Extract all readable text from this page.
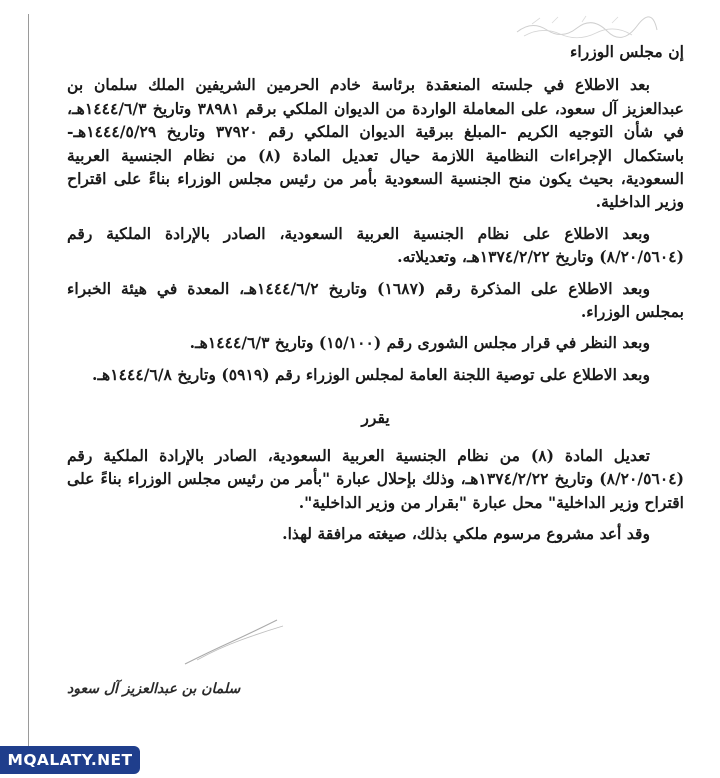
إن مجلس الوزراء

بعد الاطلاع في جلسته المنعقدة برئاسة خادم الحرمين الشريفين الملك سلمان بن عبدالعزيز آل سعود، على المعاملة الواردة من الديوان الملكي برقم ٣٨٩٨١ وتاريخ ١٤٤٤/٦/٣هـ، في شأن التوجيه الكريم -المبلغ ببرقية الديوان الملكي رقم ٣٧٩٢٠ وتاريخ ١٤٤٤/٥/٢٩هـ- باستكمال الإجراءات النظامية اللازمة حيال تعديل المادة (٨) من نظام الجنسية العربية السعودية، بحيث يكون منح الجنسية السعودية بأمر من رئيس مجلس الوزراء بناءً على اقتراح وزير الداخلية.

وبعد الاطلاع على نظام الجنسية العربية السعودية، الصادر بالإرادة الملكية رقم (٨/٢٠/٥٦٠٤) وتاريخ ١٣٧٤/٢/٢٢هـ، وتعديلاته.

وبعد الاطلاع على المذكرة رقم (١٦٨٧) وتاريخ ١٤٤٤/٦/٢هـ، المعدة في هيئة الخبراء بمجلس الوزراء.

وبعد النظر في قرار مجلس الشورى رقم (١٥/١٠٠) وتاريخ ١٤٤٤/٦/٣هـ.

وبعد الاطلاع على توصية اللجنة العامة لمجلس الوزراء رقم (٥٩١٩) وتاريخ ١٤٤٤/٦/٨هـ.

يقرر

تعديل المادة (٨) من نظام الجنسية العربية السعودية، الصادر بالإرادة الملكية رقم (٨/٢٠/٥٦٠٤) وتاريخ ١٣٧٤/٢/٢٢هـ، وذلك بإحلال عبارة "بأمر من رئيس مجلس الوزراء بناءً على اقتراح وزير الداخلية" محل عبارة "بقرار من وزير الداخلية".

وقد أعد مشروع مرسوم ملكي بذلك، صيغته مرافقة لهذا.

سلمان بن عبدالعزيز آل سعود
MQALATY.NET
